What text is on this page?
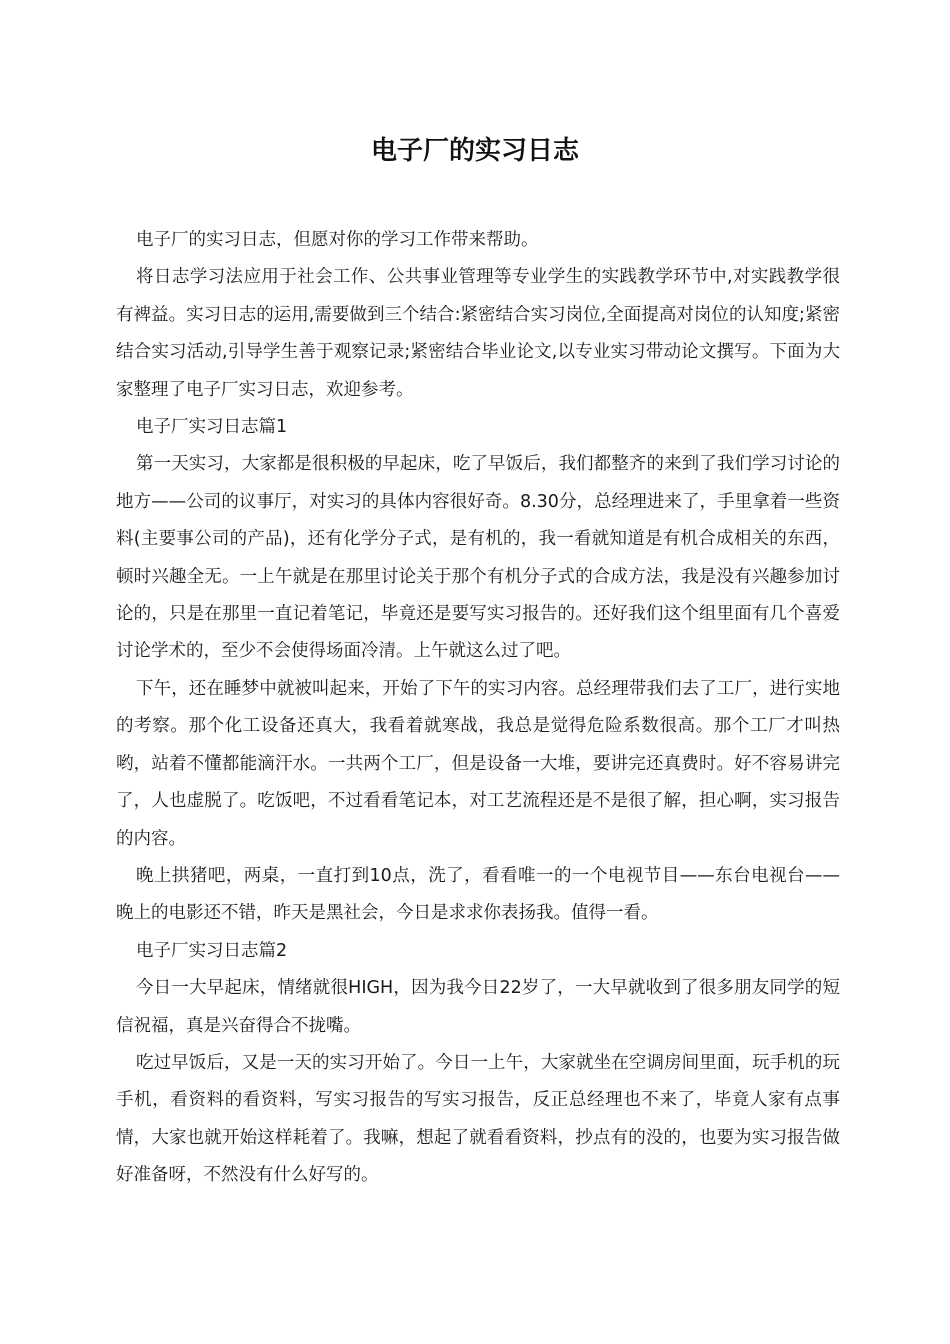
电子厂的实习日志

电子厂的实习日志，但愿对你的学习工作带来帮助。

将日志学习法应用于社会工作、公共事业管理等专业学生的实践教学环节中,对实践教学很有裨益。实习日志的运用,需要做到三个结合:紧密结合实习岗位,全面提高对岗位的认知度;紧密结合实习活动,引导学生善于观察记录;紧密结合毕业论文,以专业实习带动论文撰写。下面为大家整理了电子厂实习日志，欢迎参考。

电子厂实习日志篇1

第一天实习，大家都是很积极的早起床，吃了早饭后，我们都整齐的来到了我们学习讨论的地方——公司的议事厅，对实习的具体内容很好奇。8.30分，总经理进来了，手里拿着一些资料(主要事公司的产品)，还有化学分子式，是有机的，我一看就知道是有机合成相关的东西，顿时兴趣全无。一上午就是在那里讨论关于那个有机分子式的合成方法，我是没有兴趣参加讨论的，只是在那里一直记着笔记，毕竟还是要写实习报告的。还好我们这个组里面有几个喜爱讨论学术的，至少不会使得场面冷清。上午就这么过了吧。

下午，还在睡梦中就被叫起来，开始了下午的实习内容。总经理带我们去了工厂，进行实地的考察。那个化工设备还真大，我看着就寒战，我总是觉得危险系数很高。那个工厂才叫热哟，站着不懂都能滴汗水。一共两个工厂，但是设备一大堆，要讲完还真费时。好不容易讲完了，人也虚脱了。吃饭吧，不过看看笔记本，对工艺流程还是不是很了解，担心啊，实习报告的内容。

晚上拱猪吧，两桌，一直打到10点，洗了，看看唯一的一个电视节目——东台电视台——晚上的电影还不错，昨天是黑社会，今日是求求你表扬我。值得一看。

电子厂实习日志篇2

今日一大早起床，情绪就很HIGH，因为我今日22岁了，一大早就收到了很多朋友同学的短信祝福，真是兴奋得合不拢嘴。

吃过早饭后，又是一天的实习开始了。今日一上午，大家就坐在空调房间里面，玩手机的玩手机，看资料的看资料，写实习报告的写实习报告，反正总经理也不来了，毕竟人家有点事情，大家也就开始这样耗着了。我嘛，想起了就看看资料，抄点有的没的，也要为实习报告做好准备呀，不然没有什么好写的。
